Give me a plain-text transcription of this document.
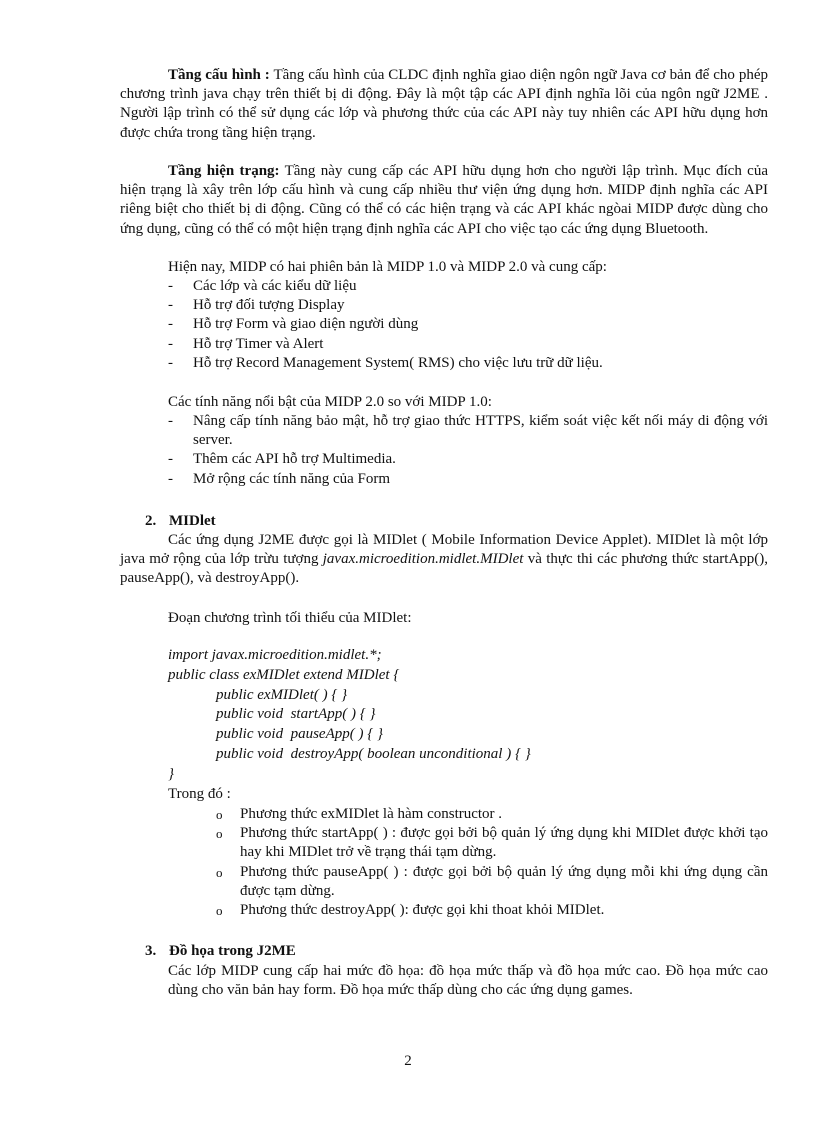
Tầng cấu hình : Tầng cấu hình của CLDC định nghĩa giao diện ngôn ngữ Java cơ bản để cho phép chương trình java chạy trên thiết bị di động. Đây là một tập các API định nghĩa lõi của ngôn ngữ J2ME . Người lập trình có thể sử dụng các lớp và phương thức của các API này tuy nhiên các API hữu dụng hơn được chứa trong tầng hiện trạng.

Tầng hiện trạng: Tầng này cung cấp các API hữu dụng hơn cho người lập trình. Mục đích của hiện trạng là xây trên lớp cấu hình và cung cấp nhiều thư viện ứng dụng hơn. MIDP định nghĩa các API riêng biệt cho thiết bị di động. Cũng có thể có các hiện trạng và các API khác ngòai MIDP được dùng cho ứng dụng, cũng có thể có một hiện trạng định nghĩa các API cho việc tạo các ứng dụng Bluetooth.

Hiện nay, MIDP có hai phiên bản là MIDP 1.0 và MIDP 2.0 và cung cấp:

- Các lớp và các kiểu dữ liệu
- Hỗ trợ đối tượng Display
- Hỗ trợ Form và giao diện người dùng
- Hỗ trợ Timer và Alert
- Hỗ trợ Record Management System( RMS) cho việc lưu trữ dữ liệu.

Các tính năng nổi bật của MIDP 2.0 so với MIDP 1.0:

- Nâng cấp tính năng bảo mật, hỗ trợ giao thức HTTPS, kiểm soát việc kết nối máy di động với server.
- Thêm các API hỗ trợ Multimedia.
- Mở rộng các tính năng của Form
2. MIDlet

Các ứng dụng J2ME được gọi là MIDlet ( Mobile Information Device Applet). MIDlet là một lớp java mở rộng của lớp trừu tượng javax.microedition.midlet.MIDlet và thực thi các phương thức startApp(), pauseApp(), và destroyApp().

Đoạn chương trình tối thiểu của MIDlet:

import javax.microedition.midlet.*;
public class exMIDlet extend MIDlet {
public exMIDlet( ) { }
public void  startApp( ) { }
public void  pauseApp( ) { }
public void  destroyApp( boolean unconditional ) { }
}

Trong đó :

o Phương thức exMIDlet là hàm constructor .
o Phương thức startApp( ) : được gọi bởi bộ quản lý ứng dụng khi MIDlet được khởi tạo hay khi MIDlet trở về trạng thái tạm dừng.
o Phương thức pauseApp( ) : được gọi bởi bộ quản lý ứng dụng mỗi khi ứng dụng cần được tạm dừng.
o Phương thức destroyApp( ): được gọi khi thoat khỏi MIDlet.
3. Đồ họa trong J2ME

Các lớp MIDP cung cấp hai mức đồ họa: đồ họa mức thấp và đồ họa mức cao. Đồ họa mức cao dùng cho văn bản hay form. Đồ họa mức thấp dùng cho các ứng dụng games.

2
